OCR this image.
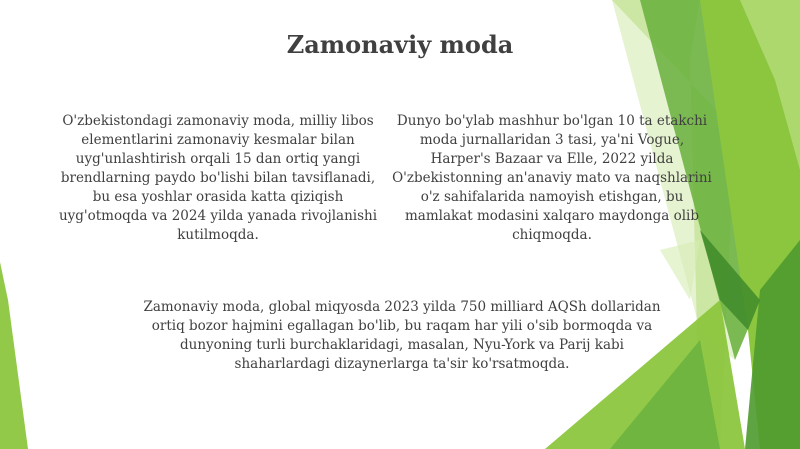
Zamonaviy moda

O'zbekistondagi zamonaviy moda, milliy libos elementlarini zamonaviy kesmalar bilan uyg'unlashtirish orqali 15 dan ortiq yangi brendlarning paydo bo'lishi bilan tavsiflanadi, bu esa yoshlar orasida katta qiziqish uyg'otmoqda va 2024 yilda yanada rivojlanishi kutilmoqda.

Dunyo bo'ylab mashhur bo'lgan 10 ta etakchi moda jurnallaridan 3 tasi, ya'ni Vogue, Harper's Bazaar va Elle, 2022 yilda O'zbekistonning an'anaviy mato va naqshlarini o'z sahifalarida namoyish etishgan, bu mamlakat modasini xalqaro maydonga olib chiqmoqda.

Zamonaviy moda, global miqyosda 2023 yilda 750 milliard AQSh dollaridan ortiq bozor hajmini egallagan bo'lib, bu raqam har yili o'sib bormoqda va dunyoning turli burchaklaridagi, masalan, Nyu-York va Parij kabi shaharlardagi dizaynerlarga ta'sir ko'rsatmoqda.
